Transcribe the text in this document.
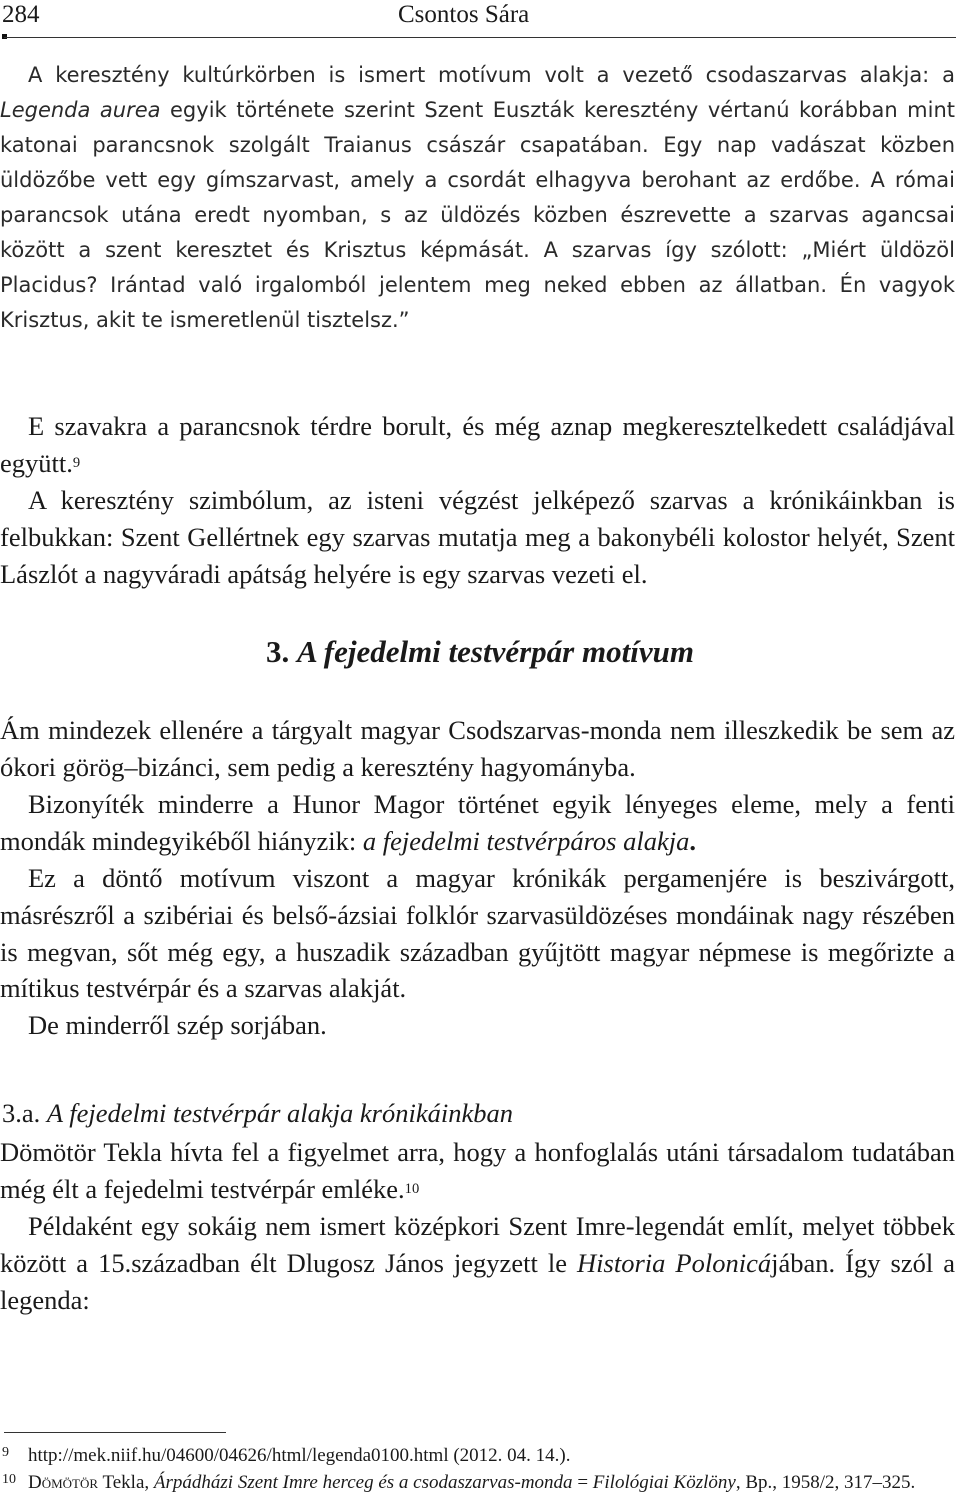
284	Csontos Sára

A keresztény kultúrkörben is ismert motívum volt a vezető csodaszarvas alakja: a Legenda aurea egyik története szerint Szent Euszták keresztény vértanú korábban mint katonai parancsnok szolgált Traianus császár csapatában. Egy nap vadászat közben üldözőbe vett egy gímszarvast, amely a csordát elhagyva berohant az erdőbe. A római parancsok utána eredt nyomban, s az üldözés közben észrevette a szarvas agancsai között a szent keresztet és Krisztus képmását. A szarvas így szólott: „Miért üldözöl Placidus? Irántad való irgalomból jelentem meg neked ebben az állatban. Én vagyok Krisztus, akit te ismeretlenül tisztelsz.”

E szavakra a parancsnok térdre borult, és még aznap megkeresztelkedett családjával együtt.$^9$

A keresztény szimbólum, az isteni végzést jelképező szarvas a krónikáinkban is felbukkan: Szent Gellértnek egy szarvas mutatja meg a bakonybéli kolostor helyét, Szent Lászlót a nagyváradi apátság helyére is egy szarvas vezeti el.

3. A fejedelmi testvérpár motívum

Ám mindezek ellenére a tárgyalt magyar Csodszarvas-monda nem illeszkedik be sem az ókori görög–bizánci, sem pedig a keresztény hagyományba.

Bizonyíték minderre a Hunor Magor történet egyik lényeges eleme, mely a fenti mondák mindegyikéből hiányzik: a fejedelmi testvérpáros alakja.

Ez a döntő motívum viszont a magyar krónikák pergamenjére is beszivárgott, másrészről a szibériai és belső-ázsiai folklór szarvasüldözéses mondáinak nagy részében is megvan, sőt még egy, a huszadik században gyűjtött magyar népmese is megőrizte a mítikus testvérpár és a szarvas alakját.

De minderről szép sorjában.

3.a. A fejedelmi testvérpár alakja krónikáinkban

Dömötör Tekla hívta fel a figyelmet arra, hogy a honfoglalás utáni társadalom tudatában még élt a fejedelmi testvérpár emléke.$^{10}$

Példaként egy sokáig nem ismert középkori Szent Imre-legendát említ, melyet többek között a 15.században élt Dlugosz János jegyzett le Historia Polonicájában. Így szól a legenda:

9 http://mek.niif.hu/04600/04626/html/legenda0100.html (2012. 04. 14.).
10 Dömötör Tekla, Árpádházi Szent Imre herceg és a csodaszarvas-monda = Filológiai Közlöny, Bp., 1958/2, 317–325.
